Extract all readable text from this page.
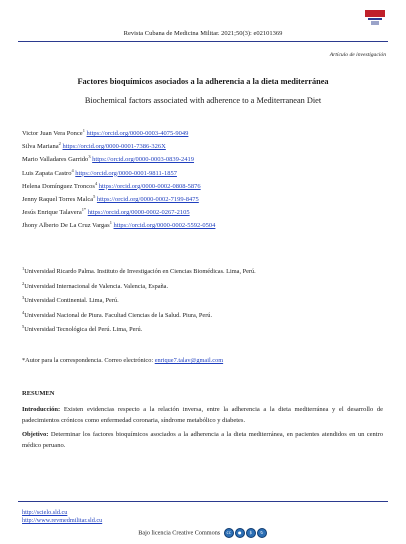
Revista Cubana de Medicina Militar. 2021;50(3): e02101369
Artículo de investigación
Factores bioquímicos asociados a la adherencia a la dieta mediterránea
Biochemical factors associated with adherence to a Mediterranean Diet
Victor Juan Vera Ponce$^1$ https://orcid.org/0000-0003-4075-9049
Silva Mariana$^2$ https://orcid.org/0000-0001-7386-326X
Mario Valladares Garrido$^3$ https://orcid.org/0000-0003-0839-2419
Luis Zapata Castro$^4$ https://orcid.org/0000-0001-9811-1857
Helena Domínguez Troncos$^4$ https://orcid.org/0000-0002-0808-5876
Jenny Raquel Torres Malca$^5$ https://orcid.org/0000-0002-7199-8475
Jesús Enrique Talavera$^{1*}$ https://orcid.org/0000-0002-0267-2105
Jhony Alberto De La Cruz Vargas$^1$ https://orcid.org/0000-0002-5592-0504
$^1$Universidad Ricardo Palma. Instituto de Investigación en Ciencias Biomédicas. Lima, Perú.
$^2$Universidad Internacional de Valencia. Valencia, España.
$^3$Universidad Continental. Lima, Perú.
$^4$Universidad Nacional de Piura. Facultad Ciencias de la Salud. Piura, Perú.
$^5$Universidad Tecnológica del Perú. Lima, Perú.
*Autor para la correspondencia. Correo electrónico: enrique7.talav@gmail.com
RESUMEN

Introducción: Existen evidencias respecto a la relación inversa, entre la adherencia a la dieta mediterránea y el desarrollo de padecimientos crónicos como enfermedad coronaria, síndrome metabólico y diabetes.

Objetivo: Determinar los factores bioquímicos asociados a la adherencia a la dieta mediterránea, en pacientes atendidos en un centro médico peruano.

http://scielo.sld.cu
http://www.revmedmilitar.sld.cu
Bajo licencia Creative Commons cc ● $ ↻
